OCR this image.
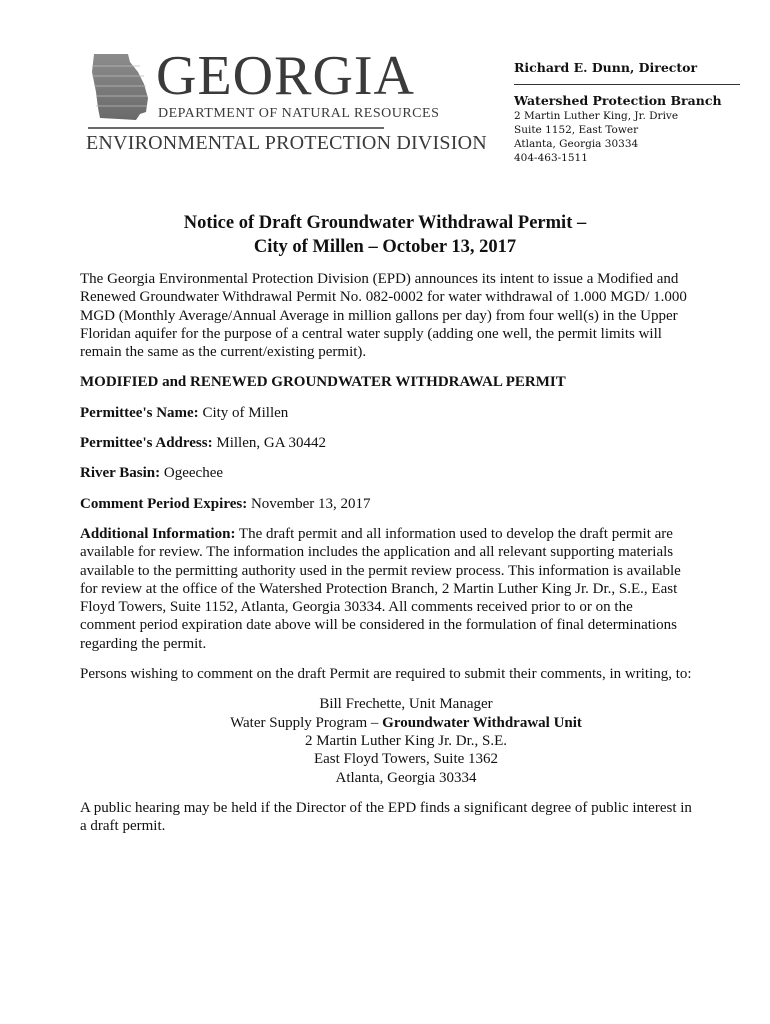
GEORGIA
DEPARTMENT OF NATURAL RESOURCES
ENVIRONMENTAL PROTECTION DIVISION
Richard E. Dunn, Director
Watershed Protection Branch
2 Martin Luther King, Jr. Drive
Suite 1152, East Tower
Atlanta, Georgia 30334
404-463-1511
Notice of Draft Groundwater Withdrawal Permit –
City of Millen – October 13, 2017

The Georgia Environmental Protection Division (EPD) announces its intent to issue a Modified and Renewed Groundwater Withdrawal Permit No. 082-0002 for water withdrawal of 1.000 MGD/ 1.000 MGD (Monthly Average/Annual Average in million gallons per day) from four well(s) in the Upper Floridan aquifer for the purpose of a central water supply (adding one well, the permit limits will remain the same as the current/existing permit).

MODIFIED and RENEWED GROUNDWATER WITHDRAWAL PERMIT

Permittee's Name: City of Millen

Permittee's Address: Millen, GA 30442

River Basin: Ogeechee

Comment Period Expires: November 13, 2017

Additional Information: The draft permit and all information used to develop the draft permit are available for review. The information includes the application and all relevant supporting materials available to the permitting authority used in the permit review process. This information is available for review at the office of the Watershed Protection Branch, 2 Martin Luther King Jr. Dr., S.E., East Floyd Towers, Suite 1152, Atlanta, Georgia 30334. All comments received prior to or on the comment period expiration date above will be considered in the formulation of final determinations regarding the permit.

Persons wishing to comment on the draft Permit are required to submit their comments, in writing, to:

Bill Frechette, Unit Manager
Water Supply Program – Groundwater Withdrawal Unit
2 Martin Luther King Jr. Dr., S.E.
East Floyd Towers, Suite 1362
Atlanta, Georgia 30334

A public hearing may be held if the Director of the EPD finds a significant degree of public interest in a draft permit.
